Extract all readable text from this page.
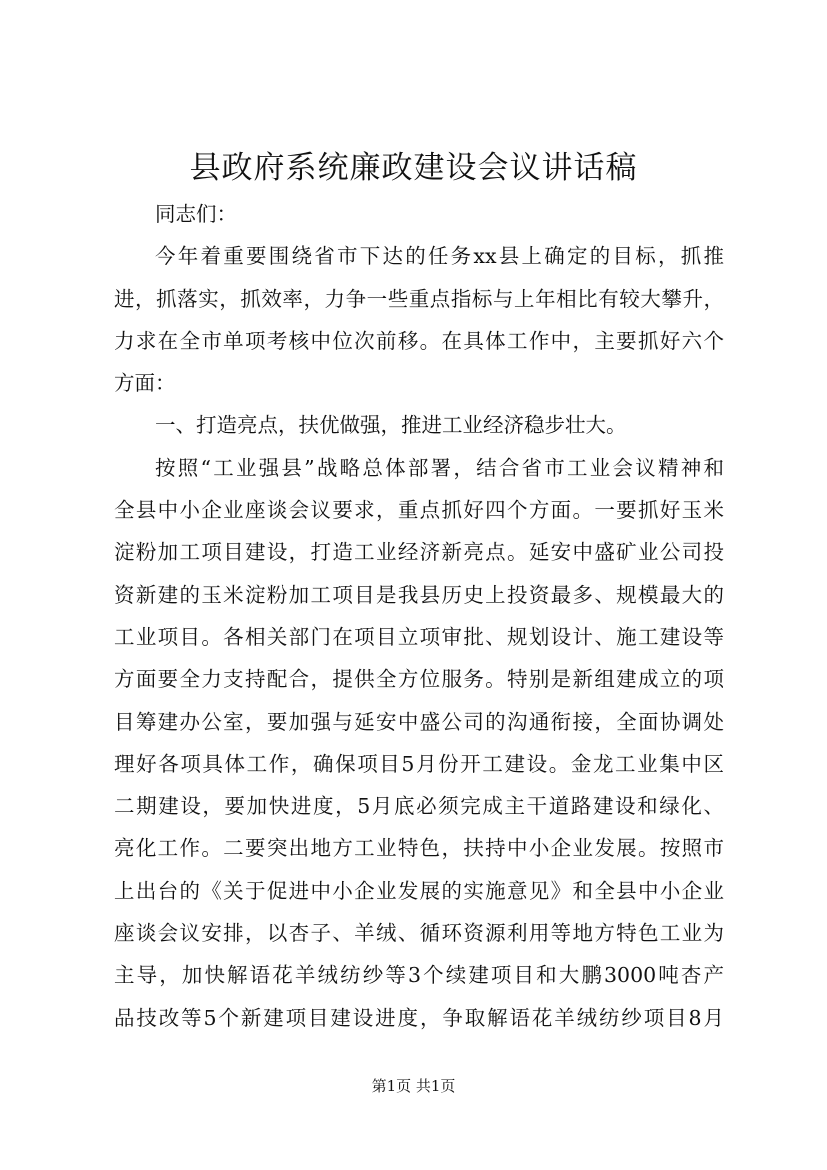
县政府系统廉政建设会议讲话稿
同志们：
今年着重要围绕省市下达的任务xx县上确定的目标，抓推
进，抓落实，抓效率，力争一些重点指标与上年相比有较大攀升，
力求在全市单项考核中位次前移。在具体工作中，主要抓好六个
方面：
一、打造亮点，扶优做强，推进工业经济稳步壮大。
按照“工业强县”战略总体部署，结合省市工业会议精神和
全县中小企业座谈会议要求，重点抓好四个方面。一要抓好玉米
淀粉加工项目建设，打造工业经济新亮点。延安中盛矿业公司投
资新建的玉米淀粉加工项目是我县历史上投资最多、规模最大的
工业项目。各相关部门在项目立项审批、规划设计、施工建设等
方面要全力支持配合，提供全方位服务。特别是新组建成立的项
目筹建办公室，要加强与延安中盛公司的沟通衔接，全面协调处
理好各项具体工作，确保项目5月份开工建设。金龙工业集中区
二期建设，要加快进度，5月底必须完成主干道路建设和绿化、
亮化工作。二要突出地方工业特色，扶持中小企业发展。按照市
上出台的《关于促进中小企业发展的实施意见》和全县中小企业
座谈会议安排，以杏子、羊绒、循环资源利用等地方特色工业为
主导，加快解语花羊绒纺纱等3个续建项目和大鹏3000吨杏产
品技改等5个新建项目建设进度，争取解语花羊绒纺纱项目8月
第1页 共1页
